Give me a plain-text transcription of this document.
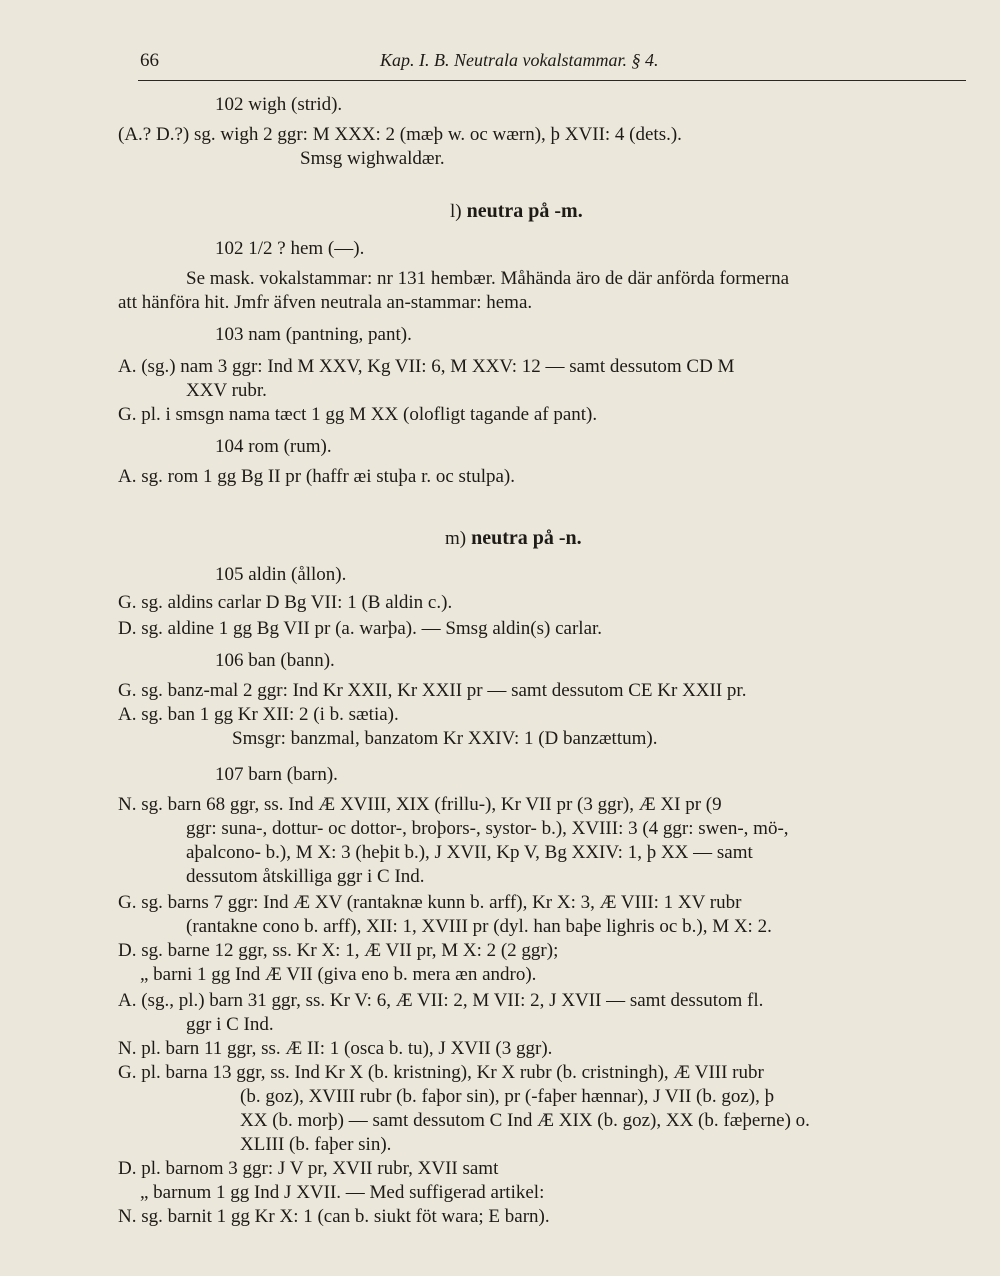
66	Kap. I. B. Neutrala vokalstammar. § 4.
102 wigh (strid).
(A.? D.?) sg. wigh 2 ggr: M XXX: 2 (mæþ w. oc wærn), þ XVII: 4 (dets.).
Smsg wighwaldær.
l) neutra på -m.
102 1/2 ? hem (—).
Se mask. vokalstammar: nr 131 hembær. Måhända äro de där anförda formerna
att hänföra hit. Jmfr äfven neutrala an-stammar: hema.
103 nam (pantning, pant).
A. (sg.) nam 3 ggr: Ind M XXV, Kg VII: 6, M XXV: 12 — samt dessutom CD M
XXV rubr.
G. pl. i smsgn nama tæct 1 gg M XX (olofligt tagande af pant).
104 rom (rum).
A. sg. rom 1 gg Bg II pr (haffr æi stuþa r. oc stulpa).
m) neutra på -n.
105 aldin (ållon).
G. sg. aldins carlar D Bg VII: 1 (B aldin c.).
D. sg. aldine 1 gg Bg VII pr (a. warþa). — Smsg aldin(s) carlar.
106 ban (bann).
G. sg. banz-mal 2 ggr: Ind Kr XXII, Kr XXII pr — samt dessutom CE Kr XXII pr.
A. sg. ban 1 gg Kr XII: 2 (i b. sætia).
Smsgr: banzmal, banzatom Kr XXIV: 1 (D banzættum).
107 barn (barn).
N. sg. barn 68 ggr, ss. Ind Æ XVIII, XIX (frillu-), Kr VII pr (3 ggr), Æ XI pr (9
ggr: suna-, dottur- oc dottor-, broþors-, systor- b.), XVIII: 3 (4 ggr: swen-, mö-,
aþalcono- b.), M X: 3 (heþit b.), J XVII, Kp V, Bg XXIV: 1, þ XX — samt
dessutom åtskilliga ggr i C Ind.
G. sg. barns 7 ggr: Ind Æ XV (rantaknæ kunn b. arff), Kr X: 3, Æ VIII: 1 XV rubr
(rantakne cono b. arff), XII: 1, XVIII pr (dyl. han baþe lighris oc b.), M X: 2.
D. sg. barne 12 ggr, ss. Kr X: 1, Æ VII pr, M X: 2 (2 ggr);
„ barni 1 gg Ind Æ VII (giva eno b. mera æn andro).
A. (sg., pl.) barn 31 ggr, ss. Kr V: 6, Æ VII: 2, M VII: 2, J XVII — samt dessutom fl.
ggr i C Ind.
N. pl. barn 11 ggr, ss. Æ II: 1 (osca b. tu), J XVII (3 ggr).
G. pl. barna 13 ggr, ss. Ind Kr X (b. kristning), Kr X rubr (b. cristningh), Æ VIII rubr
(b. goz), XVIII rubr (b. faþor sin), pr (-faþer hænnar), J VII (b. goz), þ
XX (b. morþ) — samt dessutom C Ind Æ XIX (b. goz), XX (b. fæþerne) o.
XLIII (b. faþer sin).
D. pl. barnom 3 ggr: J V pr, XVII rubr, XVII samt
„ barnum 1 gg Ind J XVII. — Med suffigerad artikel:
N. sg. barnit 1 gg Kr X: 1 (can b. siukt föt wara; E barn).
